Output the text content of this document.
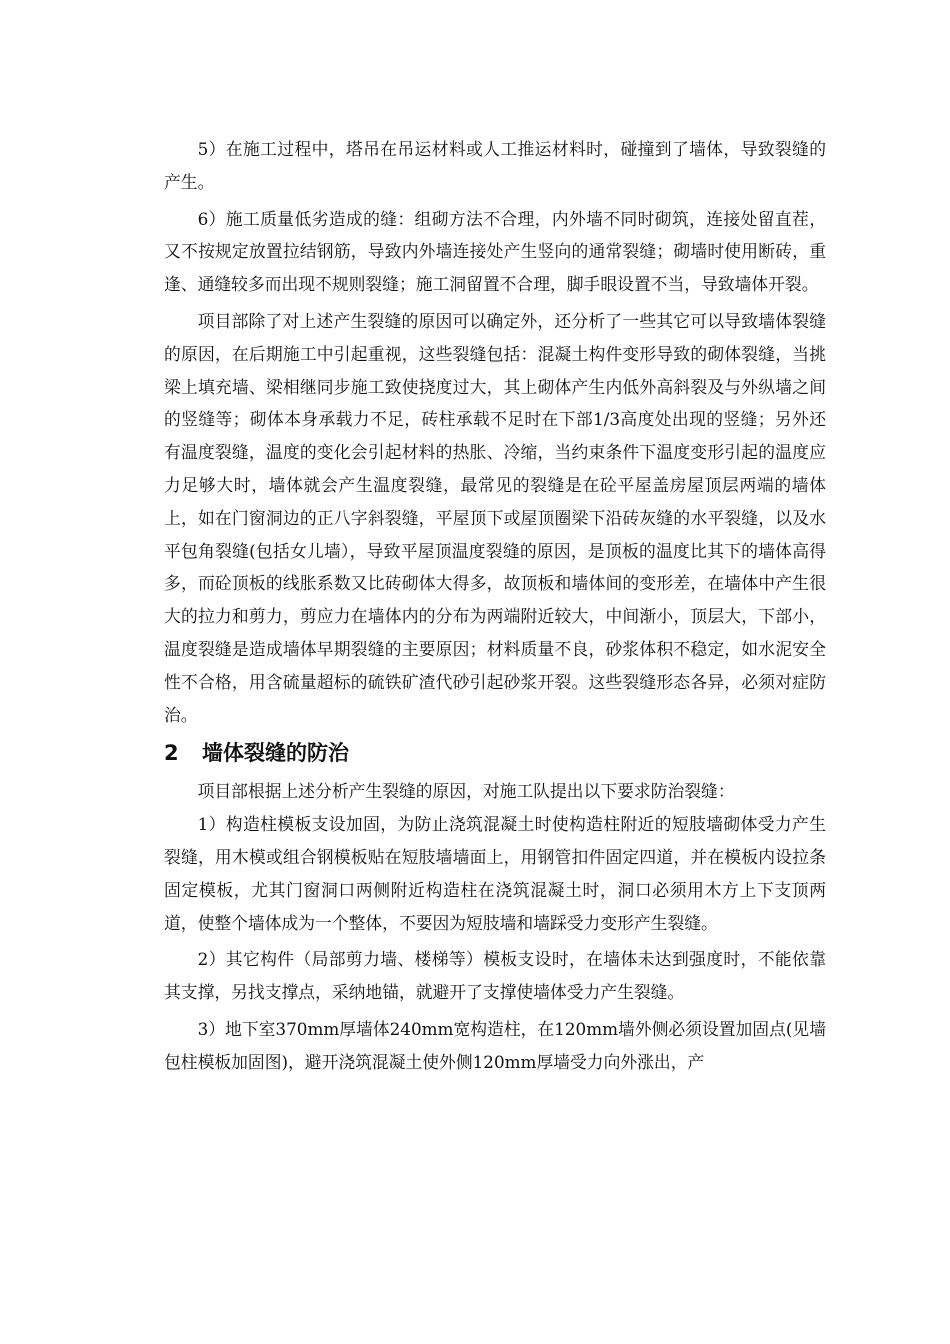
5）在施工过程中，塔吊在吊运材料或人工推运材料时，碰撞到了墙体，导致裂缝的产生。

6）施工质量低劣造成的缝：组砌方法不合理，内外墙不同时砌筑，连接处留直茬，又不按规定放置拉结钢筋，导致内外墙连接处产生竖向的通常裂缝；砌墙时使用断砖，重逢、通缝较多而出现不规则裂缝；施工洞留置不合理，脚手眼设置不当，导致墙体开裂。

项目部除了对上述产生裂缝的原因可以确定外，还分析了一些其它可以导致墙体裂缝的原因，在后期施工中引起重视，这些裂缝包括：混凝土构件变形导致的砌体裂缝，当挑梁上填充墙、梁相继同步施工致使挠度过大，其上砌体产生内低外高斜裂及与外纵墙之间的竖缝等；砌体本身承载力不足，砖柱承载不足时在下部1/3高度处出现的竖缝；另外还有温度裂缝，温度的变化会引起材料的热胀、冷缩，当约束条件下温度变形引起的温度应力足够大时，墙体就会产生温度裂缝，最常见的裂缝是在砼平屋盖房屋顶层两端的墙体上，如在门窗洞边的正八字斜裂缝，平屋顶下或屋顶圈梁下沿砖灰缝的水平裂缝，以及水平包角裂缝(包括女儿墙），导致平屋顶温度裂缝的原因，是顶板的温度比其下的墙体高得多，而砼顶板的线胀系数又比砖砌体大得多，故顶板和墙体间的变形差，在墙体中产生很大的拉力和剪力，剪应力在墙体内的分布为两端附近较大，中间渐小，顶层大，下部小，温度裂缝是造成墙体早期裂缝的主要原因；材料质量不良，砂浆体积不稳定，如水泥安全性不合格，用含硫量超标的硫铁矿渣代砂引起砂浆开裂。这些裂缝形态各异，必须对症防治。

2 墙体裂缝的防治

项目部根据上述分析产生裂缝的原因，对施工队提出以下要求防治裂缝：

1）构造柱模板支设加固，为防止浇筑混凝土时使构造柱附近的短肢墙砌体受力产生裂缝，用木模或组合钢模板贴在短肢墙墙面上，用钢管扣件固定四道，并在模板内设拉条固定模板，尤其门窗洞口两侧附近构造柱在浇筑混凝土时，洞口必须用木方上下支顶两道，使整个墙体成为一个整体，不要因为短肢墙和墙踩受力变形产生裂缝。

2）其它构件（局部剪力墙、楼梯等）模板支设时，在墙体未达到强度时，不能依靠其支撑，另找支撑点，采纳地锚，就避开了支撑使墙体受力产生裂缝。

3）地下室370mm厚墙体240mm宽构造柱，在120mm墙外侧必须设置加固点(见墙包柱模板加固图)，避开浇筑混凝土使外侧120mm厚墙受力向外涨出，产
